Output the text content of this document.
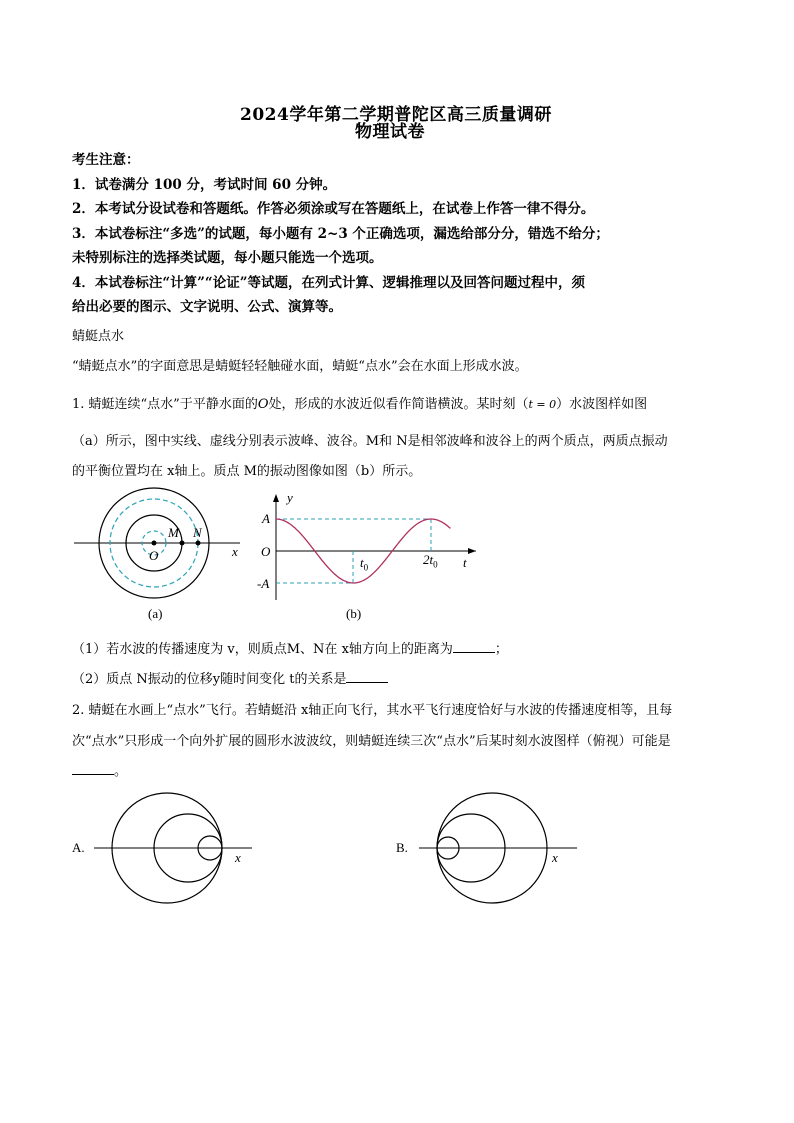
2024学年第二学期普陀区高三质量调研
物理试卷
考生注意：
1．试卷满分 100 分，考试时间 60 分钟。
2．本考试分设试卷和答题纸。作答必须涂或写在答题纸上，在试卷上作答一律不得分。
3．本试卷标注“多选”的试题，每小题有 2~3 个正确选项，漏选给部分分，错选不给分；
未特别标注的选择类试题，每小题只能选一个选项。
4．本试卷标注“计算”“论证”等试题，在列式计算、逻辑推理以及回答问题过程中，须
给出必要的图示、文字说明、公式、演算等。
蜻蜓点水
“蜻蜓点水”的字面意思是蜻蜓轻轻触碰水面，蜻蜓“点水”会在水面上形成水波。
1. 蜻蜓连续“点水”于平静水面的O处，形成的水波近似看作简谐横波。某时刻（t = 0）水波图样如图
（a）所示，图中实线、虚线分别表示波峰、波谷。M和 N是相邻波峰和波谷上的两个质点，两质点振动
的平衡位置均在 x轴上。质点 M的振动图像如图（b）所示。
M N
O	x
(a)
y
A
O
-A
$t_0$
$2t_0$ t
(b)
（1）若水波的传播速度为 v，则质点M、N在 x轴方向上的距离为	；
（2）质点 N振动的位移y随时间变化 t的关系是
2. 蜻蜓在水画上“点水”飞行。若蜻蜓沿 x轴正向飞行，其水平飞行速度恰好与水波的传播速度相等，且每
次“点水”只形成一个向外扩展的圆形水波波纹，则蜻蜓连续三次“点水”后某时刻水波图样（俯视）可能是
。
A.
x
B.
x
